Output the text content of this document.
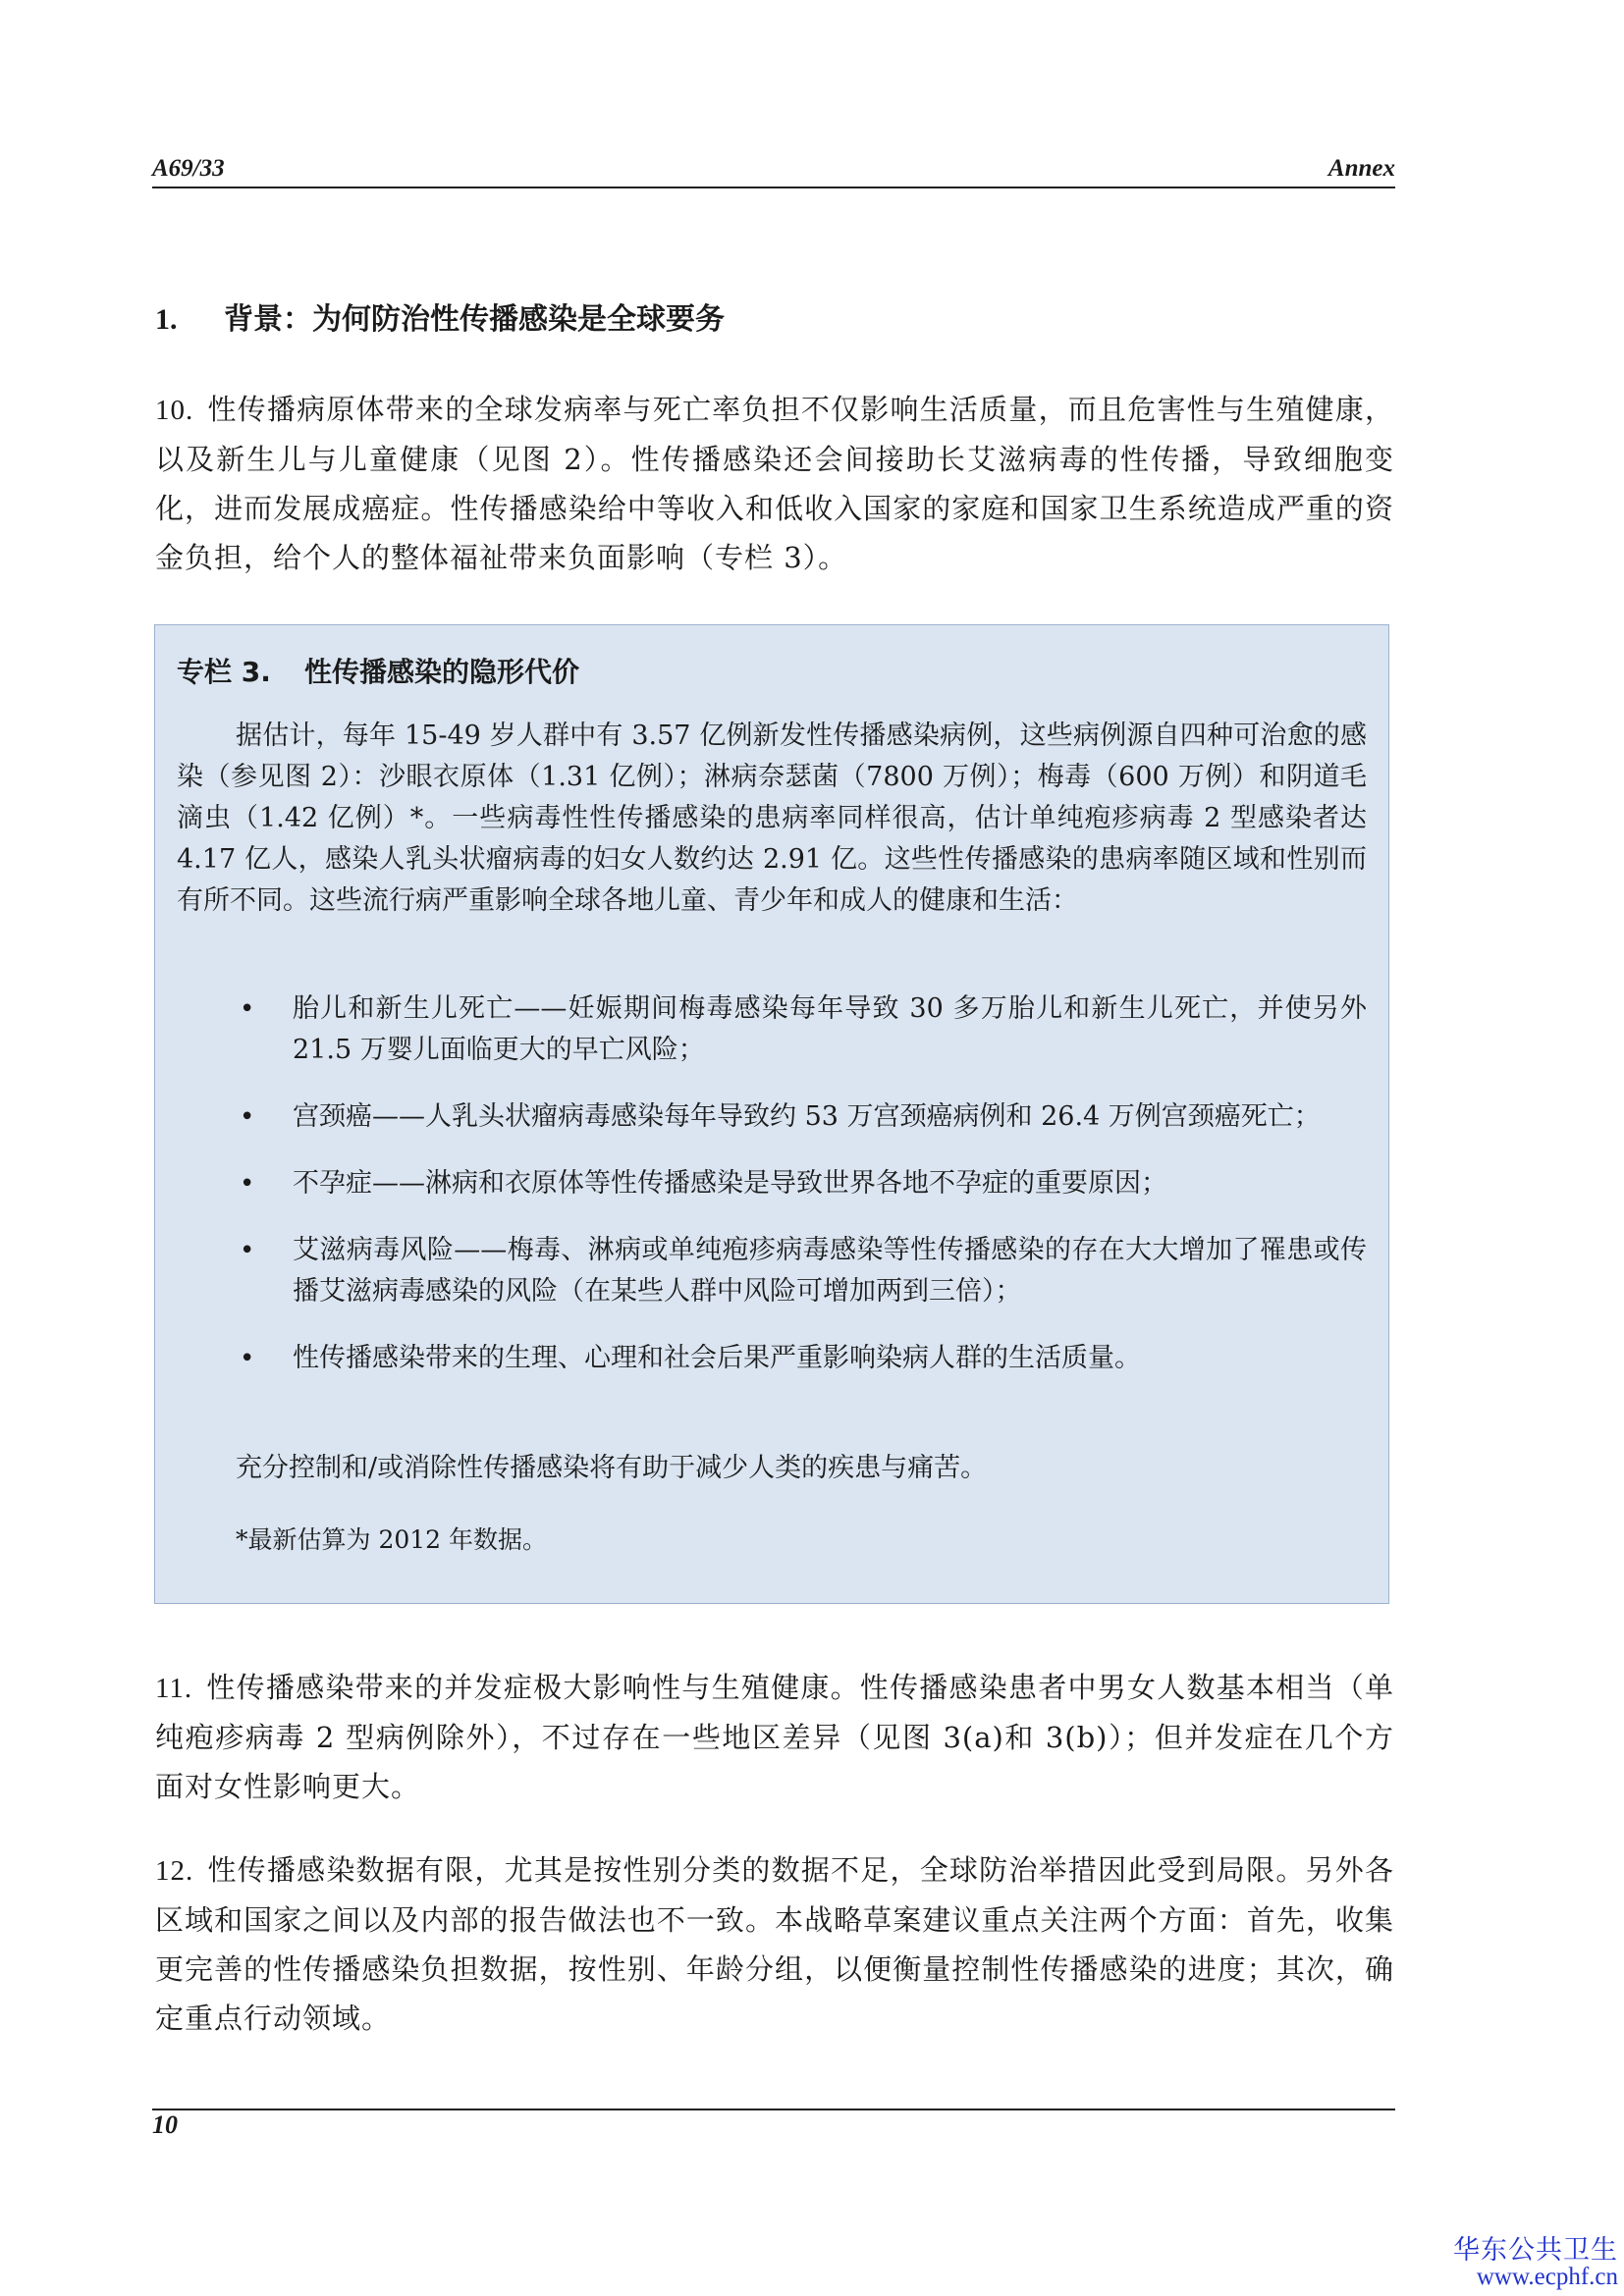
A69/33	Annex
1. 背景：为何防治性传播感染是全球要务
10. 性传播病原体带来的全球发病率与死亡率负担不仅影响生活质量，而且危害性与生殖健康，以及新生儿与儿童健康（见图 2）。性传播感染还会间接助长艾滋病毒的性传播，导致细胞变化，进而发展成癌症。性传播感染给中等收入和低收入国家的家庭和国家卫生系统造成严重的资金负担，给个人的整体福祉带来负面影响（专栏 3）。
专栏 3. 性传播感染的隐形代价
据估计，每年 15-49 岁人群中有 3.57 亿例新发性传播感染病例，这些病例源自四种可治愈的感染（参见图 2）：沙眼衣原体（1.31 亿例）；淋病奈瑟菌（7800 万例）；梅毒（600 万例）和阴道毛滴虫（1.42 亿例）*。一些病毒性性传播感染的患病率同样很高，估计单纯疱疹病毒 2 型感染者达 4.17 亿人，感染人乳头状瘤病毒的妇女人数约达 2.91 亿。这些性传播感染的患病率随区域和性别而有所不同。这些流行病严重影响全球各地儿童、青少年和成人的健康和生活：
• 胎儿和新生儿死亡——妊娠期间梅毒感染每年导致 30 多万胎儿和新生儿死亡，并使另外 21.5 万婴儿面临更大的早亡风险；
• 宫颈癌——人乳头状瘤病毒感染每年导致约 53 万宫颈癌病例和 26.4 万例宫颈癌死亡；
• 不孕症——淋病和衣原体等性传播感染是导致世界各地不孕症的重要原因；
• 艾滋病毒风险——梅毒、淋病或单纯疱疹病毒感染等性传播感染的存在大大增加了罹患或传播艾滋病毒感染的风险（在某些人群中风险可增加两到三倍）；
• 性传播感染带来的生理、心理和社会后果严重影响染病人群的生活质量。
充分控制和/或消除性传播感染将有助于减少人类的疾患与痛苦。
*最新估算为 2012 年数据。
11. 性传播感染带来的并发症极大影响性与生殖健康。性传播感染患者中男女人数基本相当（单纯疱疹病毒 2 型病例除外），不过存在一些地区差异（见图 3(a)和 3(b)）；但并发症在几个方面对女性影响更大。
12. 性传播感染数据有限，尤其是按性别分类的数据不足，全球防治举措因此受到局限。另外各区域和国家之间以及内部的报告做法也不一致。本战略草案建议重点关注两个方面：首先，收集更完善的性传播感染负担数据，按性别、年龄分组，以便衡量控制性传播感染的进度；其次，确定重点行动领域。
10
华东公共卫生
www.ecphf.cn
